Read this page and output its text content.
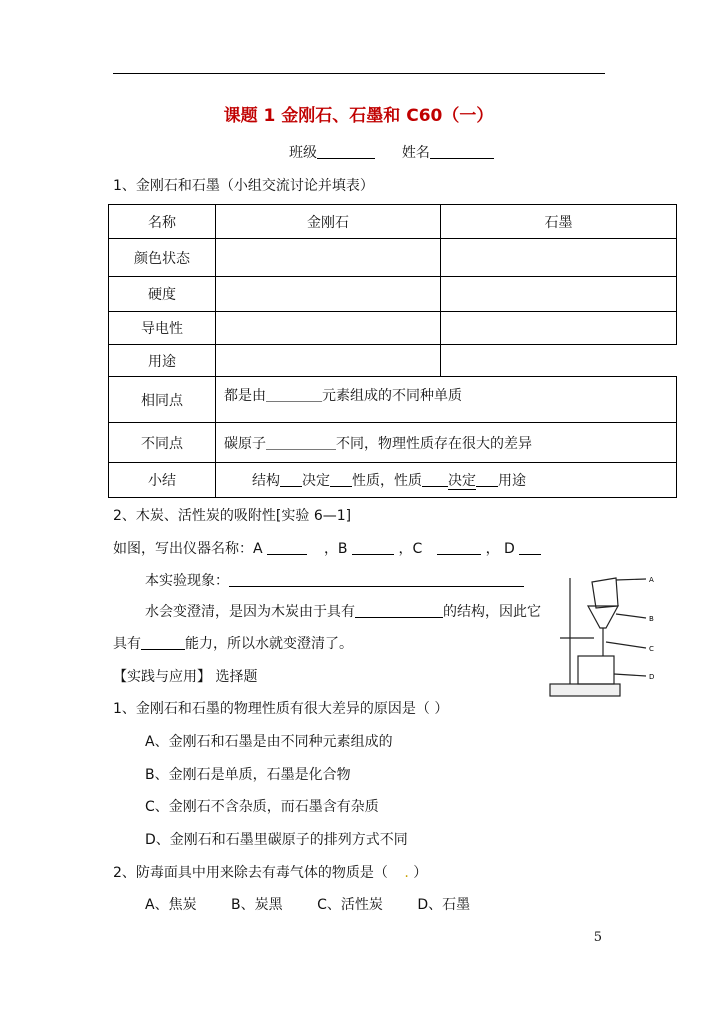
课题 1 金刚石、石墨和 C60（一）
班级	姓名
1、金刚石和石墨（小组交流讨论并填表）
名称	金刚石	石墨
颜色状态		
硬度		
导电性		
用途		
相同点	都是由＿＿＿＿元素组成的不同种单质	
不同点	碳原子＿＿＿＿＿不同，物理性质存在很大的差异	
小结	结构 决定 性质，性质 决定 用途	
2、木炭、活性炭的吸附性[实验 6—1]
如图，写出仪器名称：A	，B	，C	， D
本实验现象：
水会变澄清，是因为木炭由于具有	的结构，因此它
具有	能力，所以水就变澄清了。
A
B
C
D
【实践与应用】 选择题
1、金刚石和石墨的物理性质有很大差异的原因是（ ）
A、金刚石和石墨是由不同种元素组成的
B、金刚石是单质，石墨是化合物
C、金刚石不含杂质，而石墨含有杂质
D、金刚石和石墨里碳原子的排列方式不同
2、防毒面具中用来除去有毒气体的物质是（ . ）
A、焦炭 B、炭黑 C、活性炭 D、石墨
5
